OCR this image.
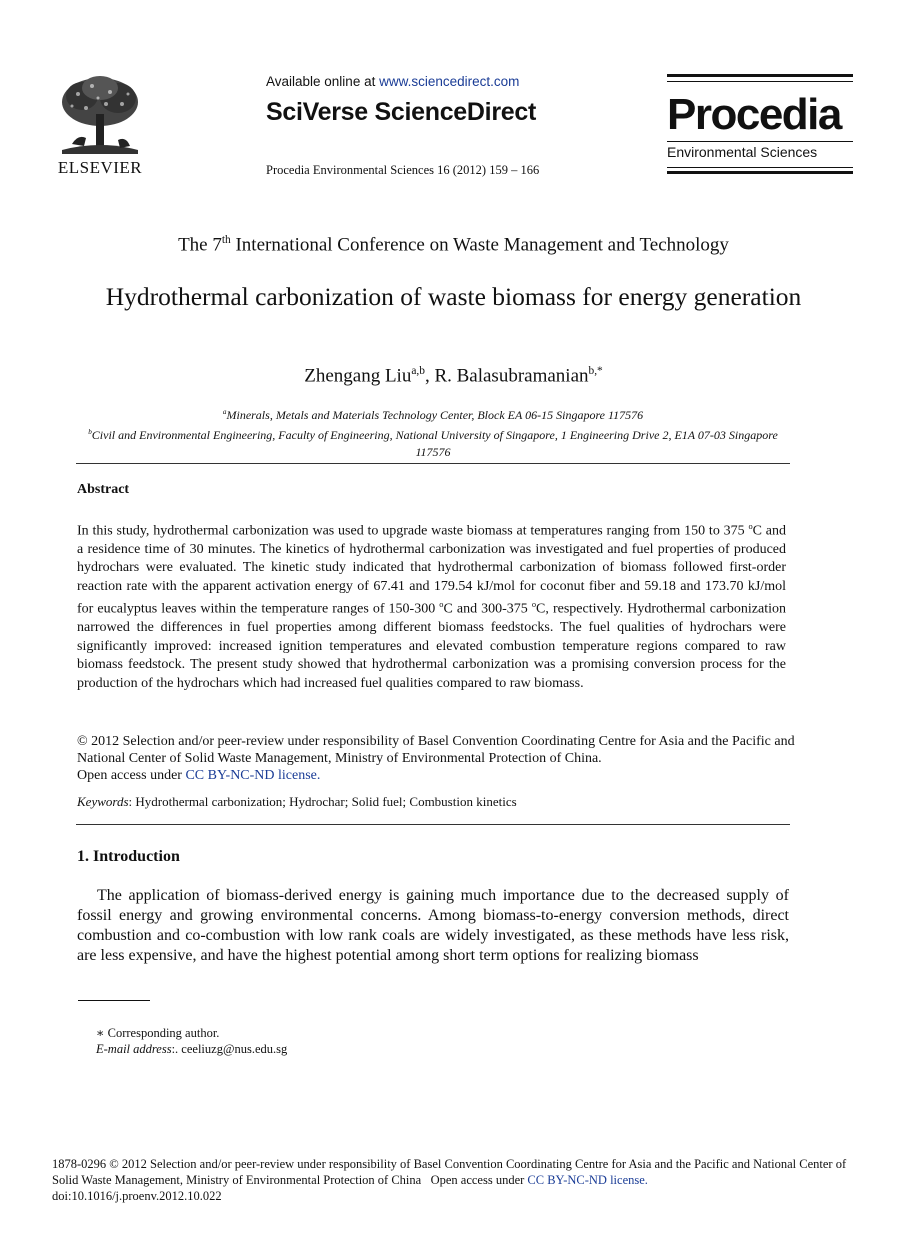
ELSEVIER
Available online at www.sciencedirect.com
SciVerse ScienceDirect
Procedia Environmental Sciences 16 (2012) 159 – 166
Procedia
Environmental Sciences
The 7th International Conference on Waste Management and Technology
Hydrothermal carbonization of waste biomass for energy generation
Zhengang Liu$^{a,b}$, R. Balasubramanian$^{b,*}$
$^a$Minerals, Metals and Materials Technology Center, Block EA 06-15 Singapore 117576
$^b$Civil and Environmental Engineering, Faculty of Engineering, National University of Singapore, 1 Engineering Drive 2, E1A 07-03 Singapore 117576
Abstract
In this study, hydrothermal carbonization was used to upgrade waste biomass at temperatures ranging from 150 to 375 $^o$C and a residence time of 30 minutes. The kinetics of hydrothermal carbonization was investigated and fuel properties of produced hydrochars were evaluated. The kinetic study indicated that hydrothermal carbonization of biomass followed first-order reaction rate with the apparent activation energy of 67.41 and 179.54 kJ/mol for coconut fiber and 59.18 and 173.70 kJ/mol for eucalyptus leaves within the temperature ranges of 150-300 $^o$C and 300-375 $^o$C, respectively. Hydrothermal carbonization narrowed the differences in fuel properties among different biomass feedstocks. The fuel qualities of hydrochars were significantly improved: increased ignition temperatures and elevated combustion temperature regions compared to raw biomass feedstock. The present study showed that hydrothermal carbonization was a promising conversion process for the production of the hydrochars which had increased fuel qualities compared to raw biomass.
© 2012 Selection and/or peer-review under responsibility of Basel Convention Coordinating Centre for Asia and the Pacific and National Center of Solid Waste Management, Ministry of Environmental Protection of China.
Open access under CC BY-NC-ND license.
Keywords: Hydrothermal carbonization; Hydrochar; Solid fuel; Combustion kinetics
1. Introduction
The application of biomass-derived energy is gaining much importance due to the decreased supply of fossil energy and growing environmental concerns. Among biomass-to-energy conversion methods, direct combustion and co-combustion with low rank coals are widely investigated, as these methods have less risk, are less expensive, and have the highest potential among short term options for realizing biomass
∗ Corresponding author.
E-mail address:. ceeliuzg@nus.edu.sg
1878-0296 © 2012 Selection and/or peer-review under responsibility of Basel Convention Coordinating Centre for Asia and the Pacific and National Center of Solid Waste Management, Ministry of Environmental Protection of China Open access under CC BY-NC-ND license.
doi:10.1016/j.proenv.2012.10.022
